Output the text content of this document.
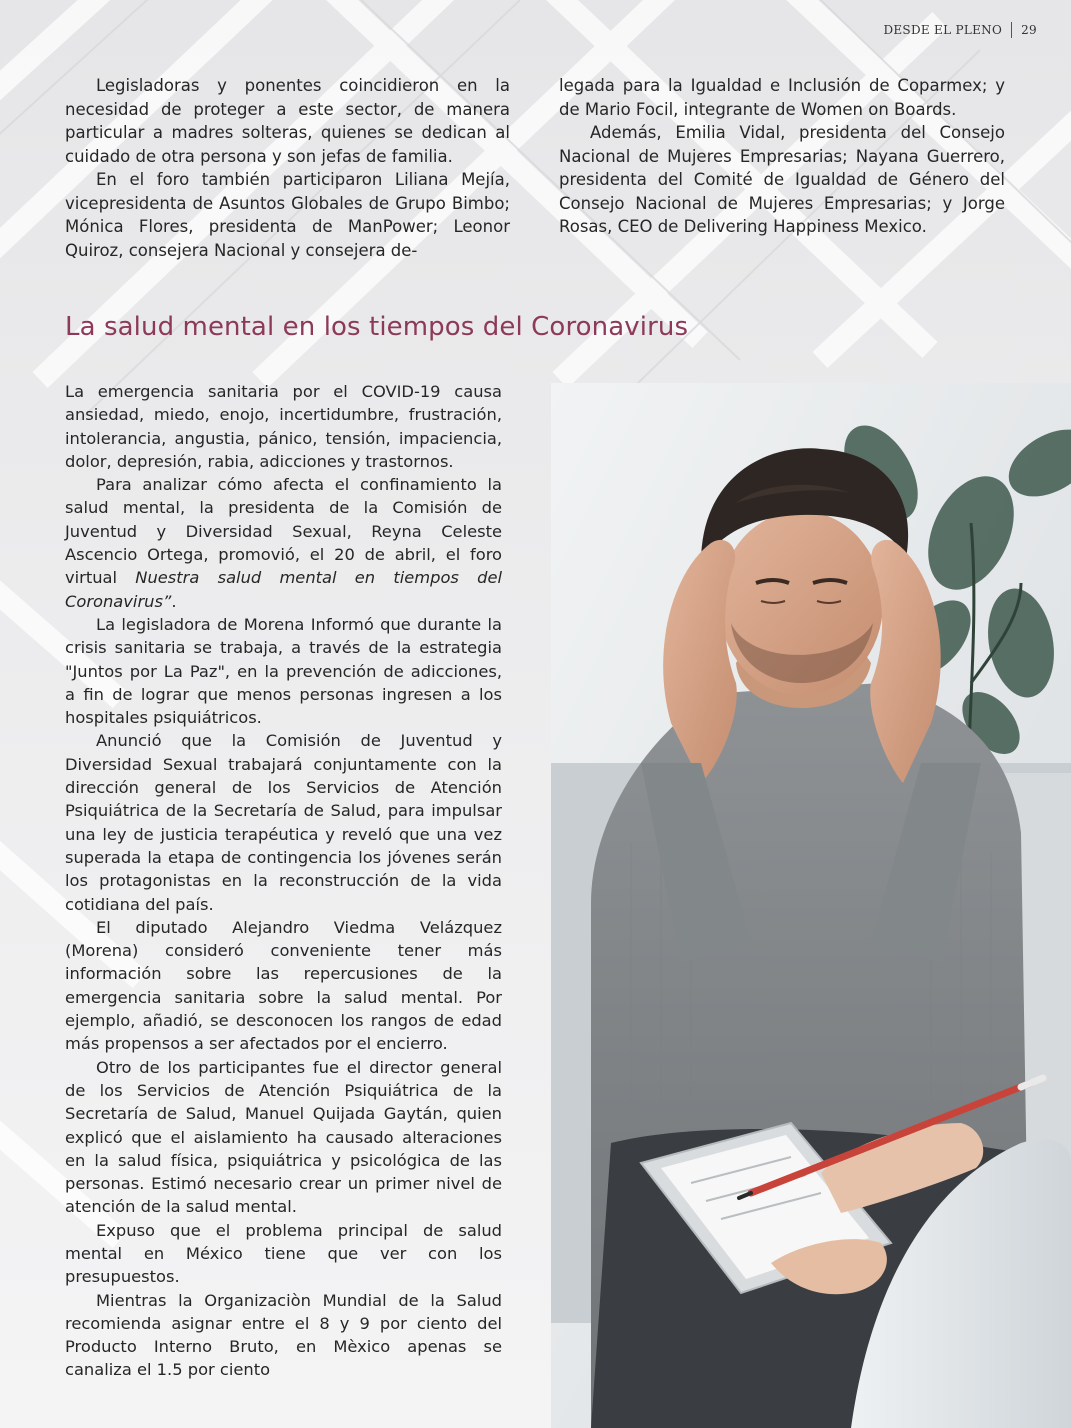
DESDE EL PLENO 29

Legisladoras y ponentes coincidieron en la necesidad de proteger a este sector, de manera particular a madres solteras, quienes se dedican al cuidado de otra persona y son jefas de familia.

En el foro también participaron Liliana Mejía, vicepresidenta de Asuntos Globales de Grupo Bimbo; Mónica Flores, presidenta de ManPower; Leonor Quiroz, consejera Nacional y consejera de-

legada para la Igualdad e Inclusión de Coparmex; y de Mario Focil, integrante de Women on Boards.

Además, Emilia Vidal, presidenta del Consejo Nacional de Mujeres Empresarias; Nayana Guerrero, presidenta del Comité de Igualdad de Género del Consejo Nacional de Mujeres Empresarias; y Jorge Rosas, CEO de Delivering Happiness Mexico.

La salud mental en los tiempos del Coronavirus

La emergencia sanitaria por el COVID-19 causa ansiedad, miedo, enojo, incertidumbre, frustración, intolerancia, angustia, pánico, tensión, impaciencia, dolor, depresión, rabia, adicciones y trastornos.

Para analizar cómo afecta el confinamiento la salud mental, la presidenta de la Comisión de Juventud y Diversidad Sexual, Reyna Celeste Ascencio Ortega, promovió, el 20 de abril, el foro virtual Nuestra salud mental en tiempos del Coronavirus”.

La legisladora de Morena Informó que durante la crisis sanitaria se trabaja, a través de la estrategia "Juntos por La Paz", en la prevención de adicciones, a fin de lograr que menos personas ingresen a los hospitales psiquiátricos.

Anunció que la Comisión de Juventud y Diversidad Sexual trabajará conjuntamente con la dirección general de los Servicios de Atención Psiquiátrica de la Secretaría de Salud, para impulsar una ley de justicia terapéutica y reveló que una vez superada la etapa de contingencia los jóvenes serán los protagonistas en la reconstrucción de la vida cotidiana del país.

El diputado Alejandro Viedma Velázquez (Morena) consideró conveniente tener más información sobre las repercusiones de la emergencia sanitaria sobre la salud mental. Por ejemplo, añadió, se desconocen los rangos de edad más propensos a ser afectados por el encierro.

Otro de los participantes fue el director general de los Servicios de Atención Psiquiátrica de la Secretaría de Salud, Manuel Quijada Gaytán, quien explicó que el aislamiento ha causado alteraciones en la salud física, psiquiátrica y psicológica de las personas. Estimó necesario crear un primer nivel de atención de la salud mental.

Expuso que el problema principal de salud mental en México tiene que ver con los presupuestos.

Mientras la Organizaciòn Mundial de la Salud recomienda asignar entre el 8 y 9 por ciento del Producto Interno Bruto, en Mèxico apenas se canaliza el 1.5 por ciento
